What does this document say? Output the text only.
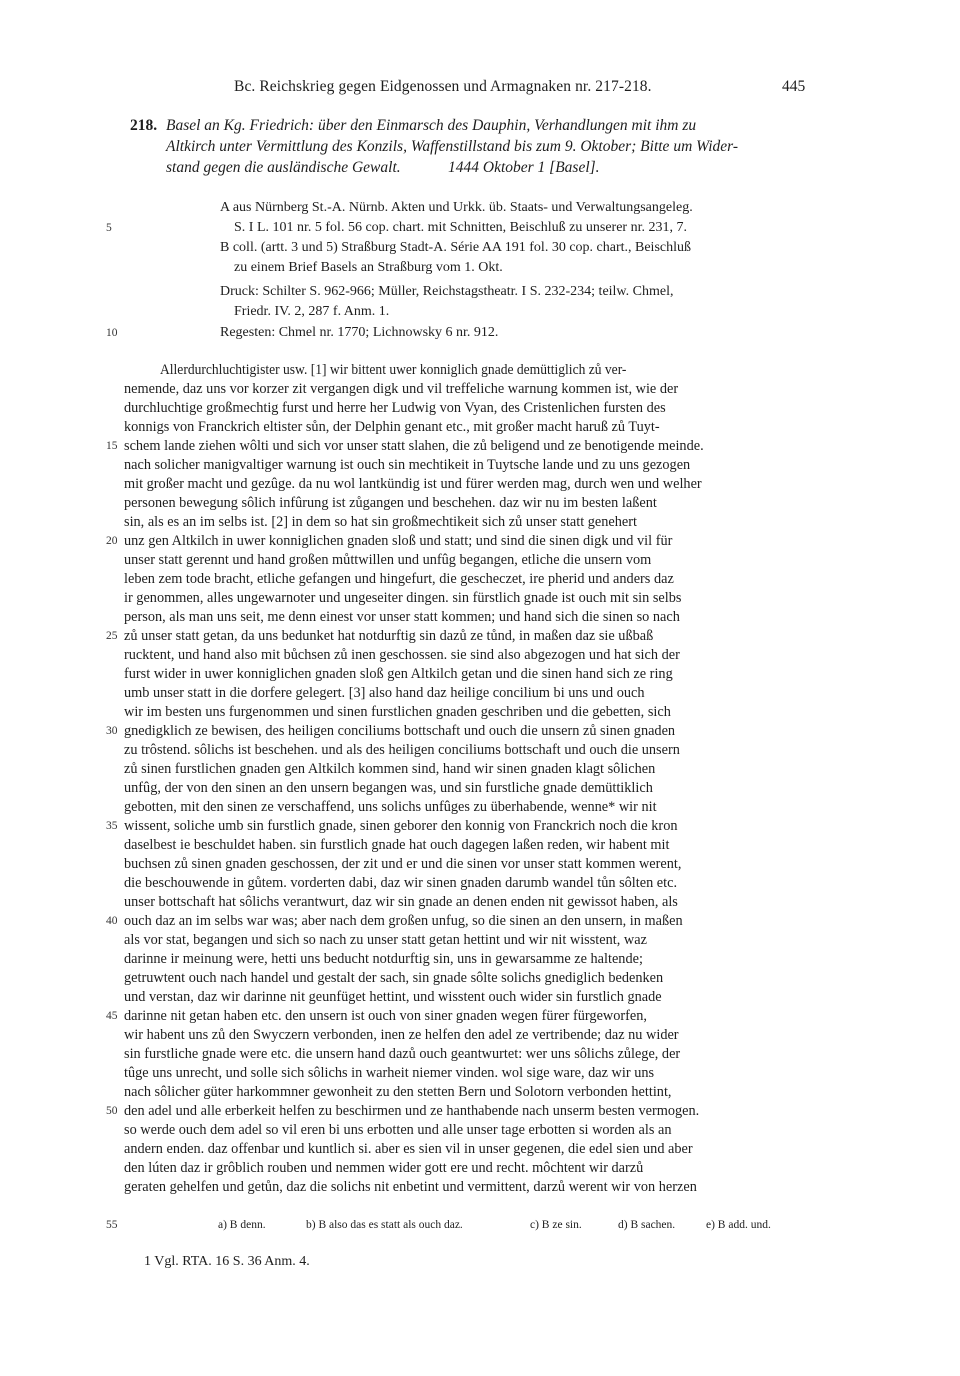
Bc. Reichskrieg gegen Eidgenossen und Armagnaken nr. 217-218.	445
218. Basel an Kg. Friedrich: über den Einmarsch des Dauphin, Verhandlungen mit ihm zu
Altkirch unter Vermittlung des Konzils, Waffenstillstand bis zum 9. Oktober; Bitte um Wider-
stand gegen die ausländische Gewalt.	1444 Oktober 1 [Basel].
A aus Nürnberg St.-A. Nürnb. Akten und Urkk. üb. Staats- und Verwaltungsangeleg.
S. I L. 101 nr. 5 fol. 56 cop. chart. mit Schnitten, Beischluß zu unserer nr. 231, 7.
B coll. (artt. 3 und 5) Straßburg Stadt-A. Série AA 191 fol. 30 cop. chart., Beischluß
zu einem Brief Basels an Straßburg vom 1. Okt.
Druck: Schilter S. 962-966; Müller, Reichstagstheatr. I S. 232-234; teilw. Chmel,
Friedr. IV. 2, 287 f. Anm. 1.
Regesten: Chmel nr. 1770; Lichnowsky 6 nr. 912.
5
10
15
20
25
30
35
40
45
50
55
Allerdurchluchtigister usw. [1] wir bittent uwer konniglich gnade demüttiglich zů ver-
nemende, daz uns vor korzer zit vergangen digk und vil treffeliche warnung kommen ist, wie der
durchluchtige großmechtig furst und herre her Ludwig von Vyan, des Cristenlichen fursten des
konnigs von Franckrich eltister sůn, der Delphin genant etc., mit großer macht haruß zů Tuyt-
schem lande ziehen wôlti und sich vor unser statt slahen, die zů beligend und ze benotigende meinde.
nach solicher manigvaltiger warnung ist ouch sin mechtikeit in Tuytsche lande und zu uns gezogen
mit großer macht und gezûge. da nu wol lantkündig ist und fürer werden mag, durch wen und welher
personen bewegung sôlich infûrung ist zůgangen und beschehen. daz wir nu im besten laßent
sin, als es an im selbs ist. [2] in dem so hat sin großmechtikeit sich zů unser statt genehert
unz gen Altkilch in uwer konniglichen gnaden sloß und statt; und sind die sinen digk und vil für
unser statt gerennt und hand großen můttwillen und unfûg begangen, etliche die unsern vom
leben zem tode bracht, etliche gefangen und hingefurt, die gescheczet, ire pherid und anders daz
ir genommen, alles ungewarnoter und ungeseiter dingen. sin fürstlich gnade ist ouch mit sin selbs
person, als man uns seit, me denn einest vor unser statt kommen; und hand sich die sinen so nach
zů unser statt getan, da uns bedunket hat notdurftig sin dazů ze tůnd, in maßen daz sie ußbaß
rucktent, und hand also mit bůchsen zů inen geschossen. sie sind also abgezogen und hat sich der
furst wider in uwer konniglichen gnaden sloß gen Altkilch getan und die sinen hand sich ze ring
umb unser statt in die dorfere gelegert. [3] also hand daz heilige concilium bi uns und ouch
wir im besten uns furgenommen und sinen furstlichen gnaden geschriben und die gebetten, sich
gnedigklich ze bewisen, des heiligen conciliums bottschaft und ouch die unsern zů sinen gnaden
zu trôstend. sôlichs ist beschehen. und als des heiligen conciliums bottschaft und ouch die unsern
zů sinen furstlichen gnaden gen Altkilch kommen sind, hand wir sinen gnaden klagt sôlichen
unfûg, der von den sinen an den unsern begangen was, und sin furstliche gnade demüttiklich
gebotten, mit den sinen ze verschaffend, uns solichs unfûges zu überhabende, wenne* wir nit
wissent, soliche umb sin furstlich gnade, sinen geborer den konnig von Franckrich noch die kron
daselbest ie beschuldet haben. sin furstlich gnade hat ouch dagegen laßen reden, wir habent mit
buchsen zů sinen gnaden geschossen, der zit und er und die sinen vor unser statt kommen werent,
die beschouwende in gůtem. vorderten dabi, daz wir sinen gnaden darumb wandel tůn sôlten etc.
unser bottschaft hat sôlichs verantwurt, daz wir sin gnade an denen enden nit gewissot haben, als
ouch daz an im selbs war was; aber nach dem großen unfug, so die sinen an den unsern, in maßen
als vor stat, begangen und sich so nach zu unser statt getan hettint und wir nit wisstent, waz
darinne ir meinung were, hetti uns beducht notdurftig sin, uns in gewarsamme ze haltende;
getruwtent ouch nach handel und gestalt der sach, sin gnade sôlte solichs gnediglich bedenken
und verstan, daz wir darinne nit geunfüget hettint, und wisstent ouch wider sin furstlich gnade
darinne nit getan haben etc. den unsern ist ouch von siner gnaden wegen fürer fürgeworfen,
wir habent uns zů den Swyczern verbonden, inen ze helfen den adel ze vertribende; daz nu wider
sin furstliche gnade were etc. die unsern hand dazů ouch geantwurtet: wer uns sôlichs zůlege, der
tûge uns unrecht, und solle sich sôlichs in warheit niemer vinden. wol sige ware, daz wir uns
nach sôlicher güter harkommner gewonheit zu den stetten Bern und Solotorn verbonden hettint,
den adel und alle erberkeit helfen zu beschirmen und ze hanthabende nach unserm besten vermogen.
so werde ouch dem adel so vil eren bi uns erbotten und alle unser tage erbotten si worden als an
andern enden. daz offenbar und kuntlich si. aber es sien vil in unser gegenen, die edel sien und aber
den lúten daz ir grôblich rouben und nemmen wider gott ere und recht. môchtent wir darzů
geraten gehelfen und getůn, daz die solichs nit enbetint und vermittent, darzů werent wir von herzen
a) B denn.	b) B also das es statt als ouch daz.	c) B ze sin.	d) B sachen.	e) B add. und.
1 Vgl. RTA. 16 S. 36 Anm. 4.
